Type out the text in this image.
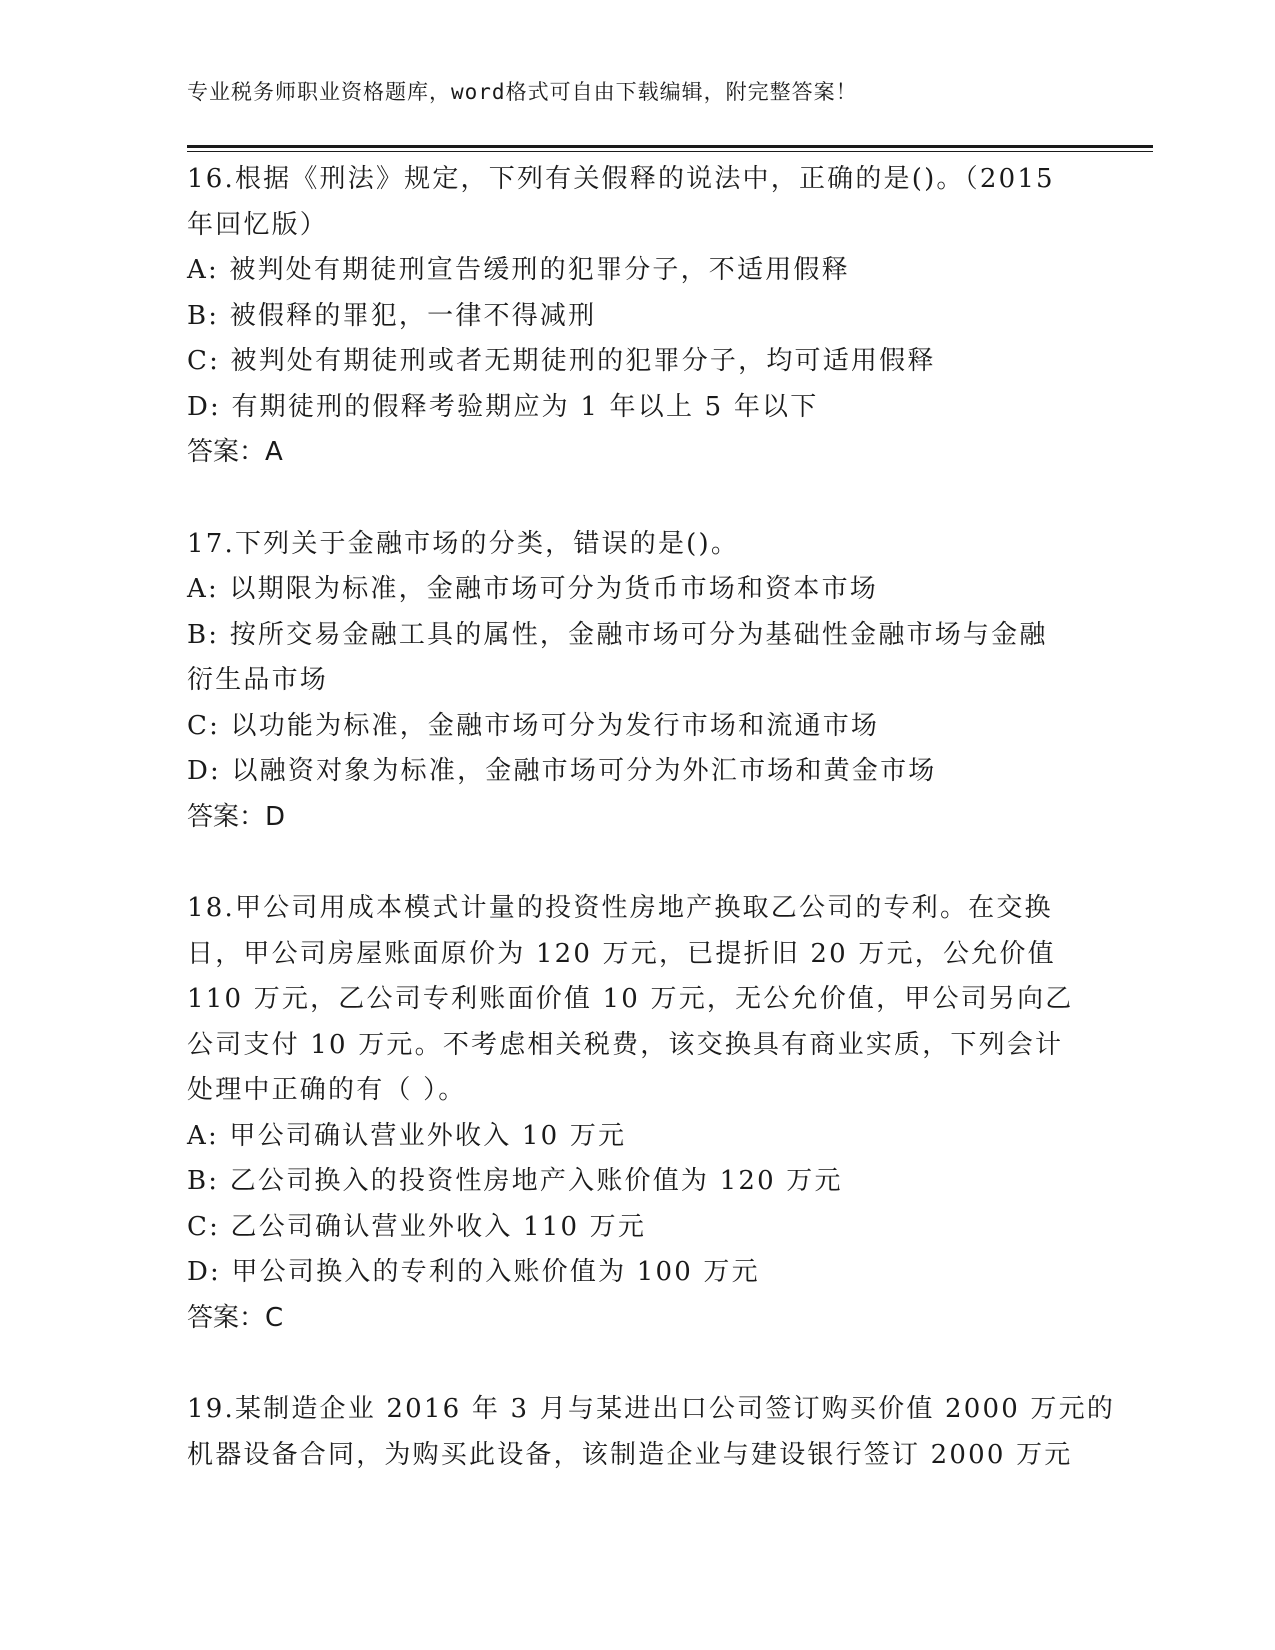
专业税务师职业资格题库，word格式可自由下载编辑，附完整答案！
16.根据《刑法》规定，下列有关假释的说法中，正确的是()。（2015
年回忆版）
A: 被判处有期徒刑宣告缓刑的犯罪分子，不适用假释
B: 被假释的罪犯，一律不得减刑
C: 被判处有期徒刑或者无期徒刑的犯罪分子，均可适用假释
D: 有期徒刑的假释考验期应为 1 年以上 5 年以下
答案：A
17.下列关于金融市场的分类，错误的是()。
A: 以期限为标准，金融市场可分为货币市场和资本市场
B: 按所交易金融工具的属性，金融市场可分为基础性金融市场与金融
衍生品市场
C: 以功能为标准，金融市场可分为发行市场和流通市场
D: 以融资对象为标准，金融市场可分为外汇市场和黄金市场
答案：D
18.甲公司用成本模式计量的投资性房地产换取乙公司的专利。在交换
日，甲公司房屋账面原价为 120 万元，已提折旧 20 万元，公允价值
110 万元，乙公司专利账面价值 10 万元，无公允价值，甲公司另向乙
公司支付 10 万元。不考虑相关税费，该交换具有商业实质，下列会计
处理中正确的有（ ）。
A: 甲公司确认营业外收入 10 万元
B: 乙公司换入的投资性房地产入账价值为 120 万元
C: 乙公司确认营业外收入 110 万元
D: 甲公司换入的专利的入账价值为 100 万元
答案：C
19.某制造企业 2016 年 3 月与某进出口公司签订购买价值 2000 万元的
机器设备合同，为购买此设备，该制造企业与建设银行签订 2000 万元
